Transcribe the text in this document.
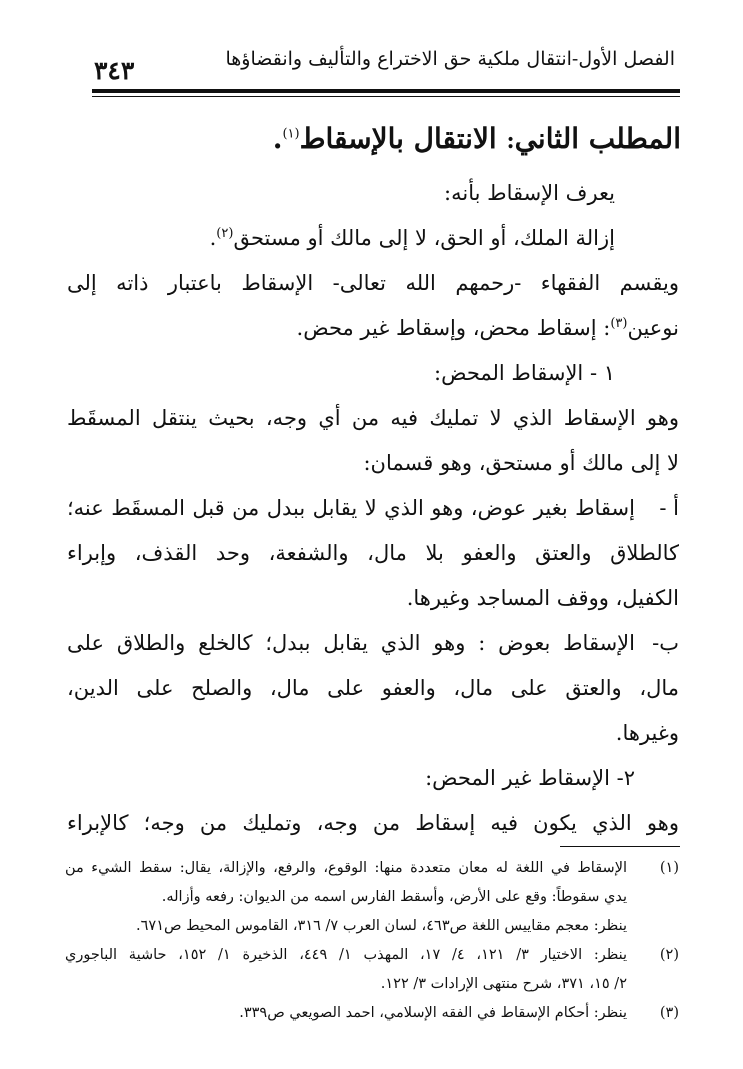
الفصل الأول-انتقال ملكية حق الاختراع والتأليف وانقضاؤها
٣٤٣
المطلب الثاني: الانتقال بالإسقاط$^{(١)}$.
يعرف الإسقاط بأنه:
إزالة الملك، أو الحق، لا إلى مالك أو مستحق$^{(٢)}$.
ويقسم الفقهاء -رحمهم الله تعالى- الإسقاط باعتبار ذاته إلى
نوعين$^{(٣)}$: إسقاط محض، وإسقاط غير محض.
١ - الإسقاط المحض:
وهو الإسقاط الذي لا تمليك فيه من أي وجه، بحيث ينتقل المسقَط
لا إلى مالك أو مستحق، وهو قسمان:
أ -
إسقاط بغير عوض، وهو الذي لا يقابل ببدل من قبل المسقَط عنه؛
كالطلاق والعتق والعفو بلا مال، والشفعة، وحد القذف، وإبراء
الكفيل، ووقف المساجد وغيرها.
ب-
الإسقاط بعوض : وهو الذي يقابل ببدل؛ كالخلع والطلاق على
مال، والعتق على مال، والعفو على مال، والصلح على الدين،
وغيرها.
٢- الإسقاط غير المحض:
وهو الذي يكون فيه إسقاط من وجه، وتمليك من وجه؛ كالإبراء
(١)
الإسقاط في اللغة له معان متعددة منها: الوقوع، والرفع، والإزالة، يقال: سقط الشيء من
يدي سقوطاً: وقع على الأرض، وأسقط الفارس اسمه من الديوان: رفعه وأزاله.
ينظر: معجم مقاييس اللغة ص٤٦٣، لسان العرب ٧/ ٣١٦، القاموس المحيط ص٦٧١.
(٢)
ينظر: الاختيار ٣/ ١٢١، ٤/ ١٧، المهذب ١/ ٤٤٩، الذخيرة ١/ ١٥٢، حاشية الباجوري
٢/ ١٥، ٣٧١، شرح منتهى الإرادات ٣/ ١٢٢.
(٣)
ينظر: أحكام الإسقاط في الفقه الإسلامي، احمد الصويعي ص٣٣٩.
